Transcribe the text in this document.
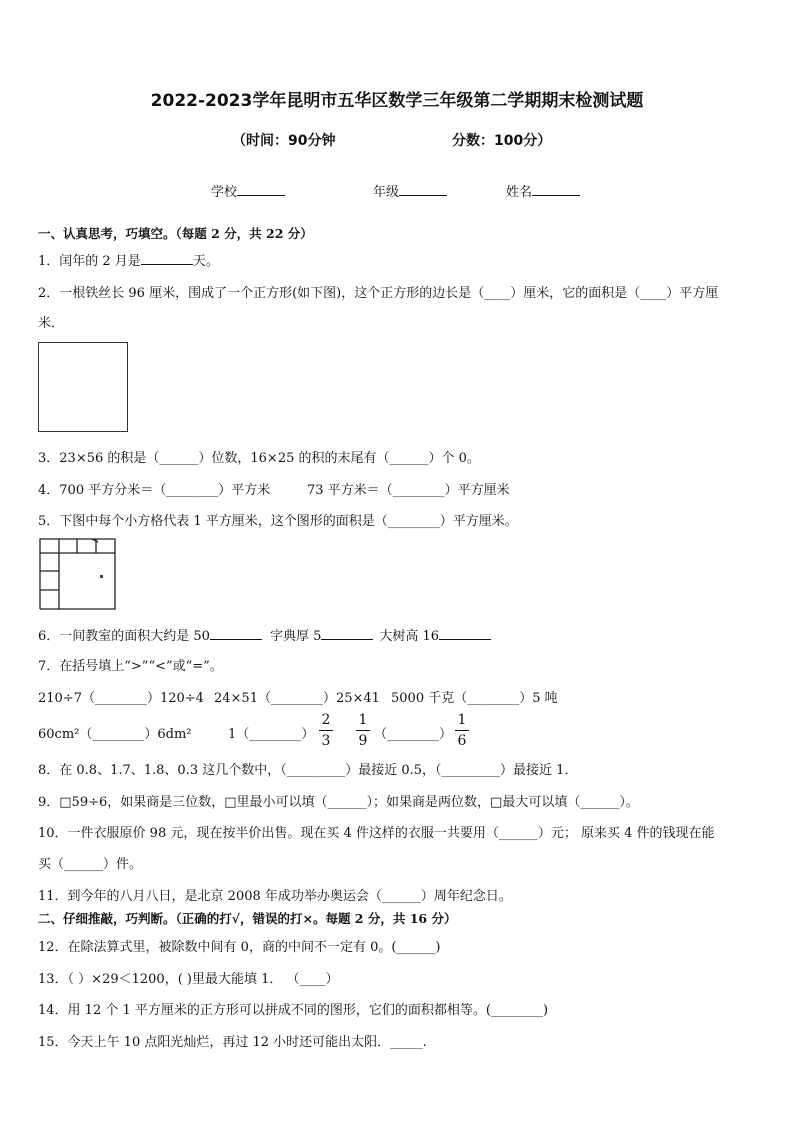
2022-2023学年昆明市五华区数学三年级第二学期期末检测试题
（时间：90分钟	分数：100分）
学校	年级	姓名
一、认真思考，巧填空。（每题 2 分，共 22 分）
1．闰年的 2 月是	天。
2．一根铁丝长 96 厘米，围成了一个正方形(如下图)，这个正方形的边长是（____）厘米，它的面积是（____）平方厘
米．
3．23×56 的积是（______）位数，16×25 的积的末尾有（______）个 0。
4．700 平方分米＝（________）平方米	73 平方米＝（________）平方厘米
5．下图中每个小方格代表 1 平方厘米，这个图形的面积是（________）平方厘米。
6．一间教室的面积大约是 50	字典厚 5	大树高 16
7．在括号填上“>”“<”或“=”。
210÷7（________）120÷4 24×51（________）25×41 5000 千克（________）5 吨
60cm²（________）6dm²	1（________）
2
3
1
9 （________）
1
6
8．在 0.8、1.7、1.8、0.3 这几个数中，（_________）最接近 0.5，（_________）最接近 1．
9．□59÷6，如果商是三位数，□里最小可以填（______）；如果商是两位数，□最大可以填（______）。
10．一件衣服原价 98 元，现在按半价出售。现在买 4 件这样的衣服一共要用（______）元； 原来买 4 件的钱现在能
买（______）件。
11．到今年的八月八日，是北京 2008 年成功举办奥运会（______）周年纪念日。
二、仔细推敲，巧判断。（正确的打√，错误的打×。每题 2 分，共 16 分）
12．在除法算式里，被除数中间有 0，商的中间不一定有 0。(______)
13．（ ）×29＜1200，( )里最大能填 1． （____）
14．用 12 个 1 平方厘米的正方形可以拼成不同的图形，它们的面积都相等。(________)
15．今天上午 10 点阳光灿烂，再过 12 小时还可能出太阳．_____.
